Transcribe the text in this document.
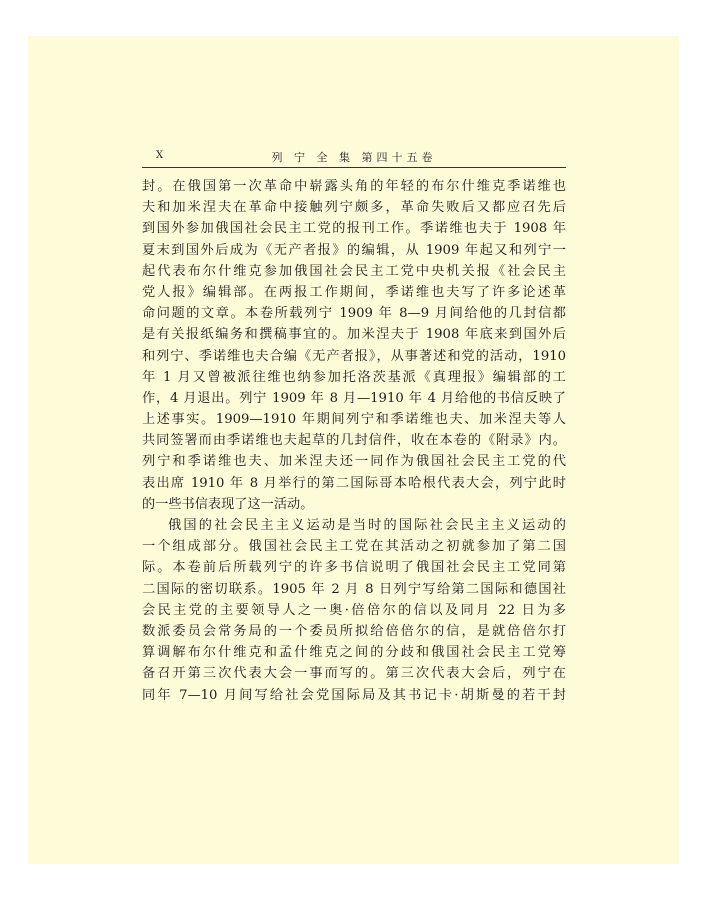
X	列 宁 全 集 第四十五卷
封。在俄国第一次革命中崭露头角的年轻的布尔什维克季诺维也
夫和加米涅夫在革命中接触列宁颇多，革命失败后又都应召先后
到国外参加俄国社会民主工党的报刊工作。季诺维也夫于 1908 年
夏末到国外后成为《无产者报》的编辑，从 1909 年起又和列宁一
起代表布尔什维克参加俄国社会民主工党中央机关报《社会民主
党人报》编辑部。在两报工作期间，季诺维也夫写了许多论述革
命问题的文章。本卷所载列宁 1909 年 8—9 月间给他的几封信都
是有关报纸编务和撰稿事宜的。加米涅夫于 1908 年底来到国外后
和列宁、季诺维也夫合编《无产者报》，从事著述和党的活动，1910
年 1 月又曾被派往维也纳参加托洛茨基派《真理报》编辑部的工
作，4 月退出。列宁 1909 年 8 月—1910 年 4 月给他的书信反映了
上述事实。1909—1910 年期间列宁和季诺维也夫、加米涅夫等人
共同签署而由季诺维也夫起草的几封信件，收在本卷的《附录》内。
列宁和季诺维也夫、加米涅夫还一同作为俄国社会民主工党的代
表出席 1910 年 8 月举行的第二国际哥本哈根代表大会，列宁此时
的一些书信表现了这一活动。
俄国的社会民主主义运动是当时的国际社会民主主义运动的
一个组成部分。俄国社会民主工党在其活动之初就参加了第二国
际。本卷前后所载列宁的许多书信说明了俄国社会民主工党同第
二国际的密切联系。1905 年 2 月 8 日列宁写给第二国际和德国社
会民主党的主要领导人之一奥·倍倍尔的信以及同月 22 日为多
数派委员会常务局的一个委员所拟给倍倍尔的信，是就倍倍尔打
算调解布尔什维克和孟什维克之间的分歧和俄国社会民主工党筹
备召开第三次代表大会一事而写的。第三次代表大会后，列宁在
同年 7—10 月间写给社会党国际局及其书记卡·胡斯曼的若干封
